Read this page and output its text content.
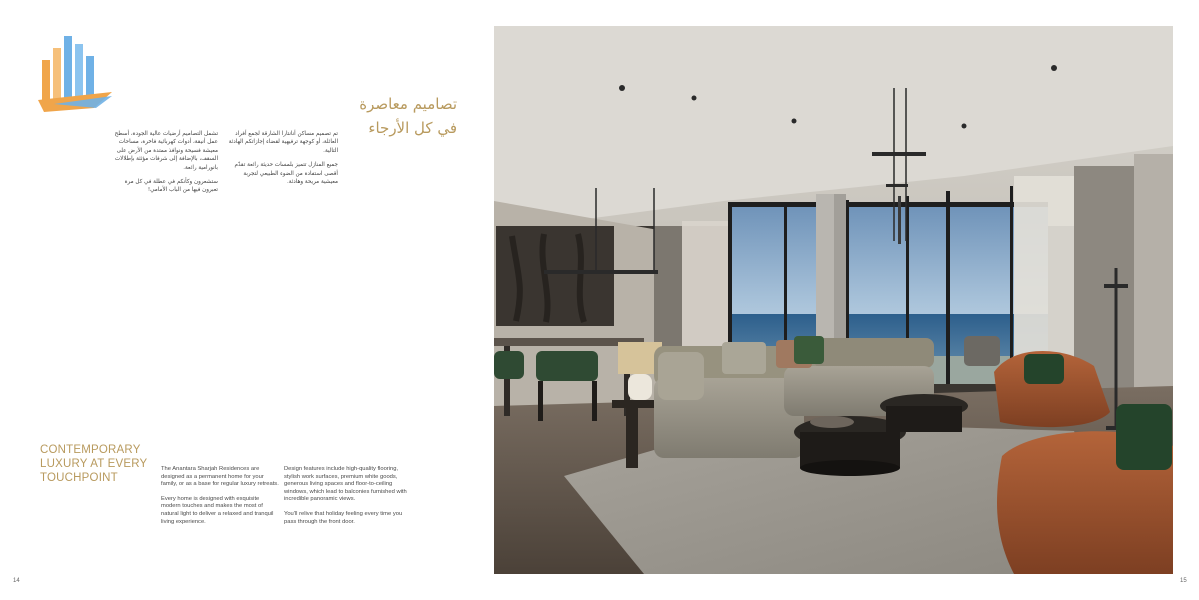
تصاميم معاصرة
في كل الأرجاء

تم تصميم مساكن أنانتارا الشارقة لجمع أفراد العائلة، أو كوجهة ترفيهية لقضاء إجازاتكم الهادئة التالية.

جميع المنازل تتميز بلمسات حديثة رائعة تقدّم أقصى استفادة من الضوء الطبيعي لتجربة معيشية مريحة وهادئة.

تشمل التصاميم أرضيات عالية الجودة، أسطح عمل أنيقة، أدوات كهربائية فاخرة، مساحات معيشة فسيحة ونوافذ ممتدة من الأرض على السقف، بالإضافة إلى شرفات مؤثثة بإطلالات بانورامية رائعة.

ستشعرون وكأنكم في عطلة في كل مرة تعبرون فيها من الباب الأمامي!

CONTEMPORARY
LUXURY AT EVERY
TOUCHPOINT

The Anantara Sharjah Residences are designed as a permanent home for your family, or as a base for regular luxury retreats.

Every home is designed with exquisite modern touches and makes the most of natural light to deliver a relaxed and tranquil living experience.

Design features include high-quality flooring, stylish work surfaces, premium white goods, generous living spaces and floor-to-ceiling windows, which lead to balconies furnished with incredible panoramic views.

You'll relive that holiday feeling every time you pass through the front door.

14	15
